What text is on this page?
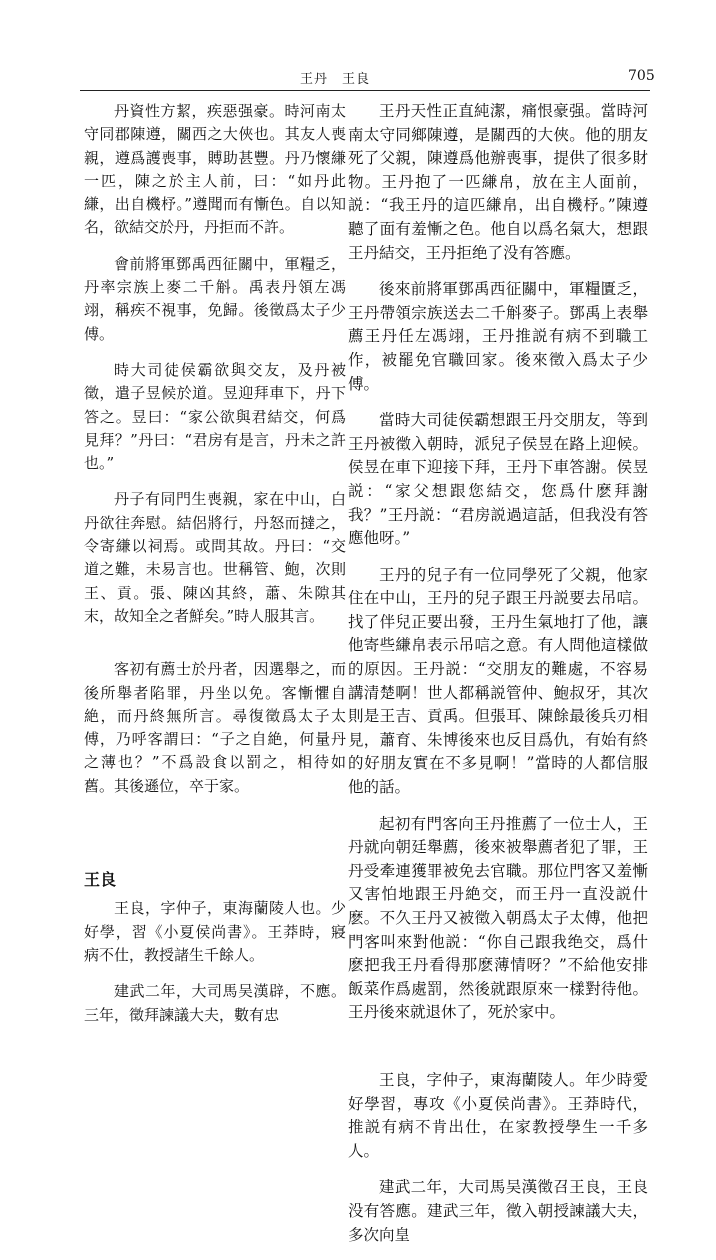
王丹　王良	705

丹資性方絜，疾惡强豪。時河南太守同郡陳遵，關西之大俠也。其友人喪親，遵爲護喪事，賻助甚豐。丹乃懷縑一匹，陳之於主人前，曰：“如丹此縑，出自機杼。”遵聞而有慚色。自以知名，欲結交於丹，丹拒而不許。

會前將軍鄧禹西征關中，軍糧乏，丹率宗族上麥二千斛。禹表丹領左馮翊，稱疾不視事，免歸。後徵爲太子少傅。

時大司徒侯霸欲與交友，及丹被徵，遣子昱候於道。昱迎拜車下，丹下答之。昱曰：“家公欲與君結交，何爲見拜？”丹曰：“君房有是言，丹未之許也。”

丹子有同門生喪親，家在中山，白丹欲往奔慰。結侶將行，丹怒而撻之，令寄縑以祠焉。或問其故。丹曰：“交道之難，未易言也。世稱管、鮑，次則王、貢。張、陳凶其終，蕭、朱隙其末，故知全之者鮮矣。”時人服其言。

客初有薦士於丹者，因選舉之，而後所舉者陷罪，丹坐以免。客慚懼自絶，而丹終無所言。尋復徵爲太子太傅，乃呼客謂曰：“子之自絶，何量丹之薄也？”不爲設食以罰之，相待如舊。其後遜位，卒于家。

王良

王良，字仲子，東海蘭陵人也。少好學，習《小夏侯尚書》。王莽時，寢病不仕，教授諸生千餘人。

建武二年，大司馬吴漢辟，不應。三年，徵拜諫議大夫，數有忠

王丹天性正直純潔，痛恨豪强。當時河南太守同鄉陳遵，是關西的大俠。他的朋友死了父親，陳遵爲他辦喪事，提供了很多財物。王丹抱了一匹縑帛，放在主人面前，説：“我王丹的這匹縑帛，出自機杼。”陳遵聽了面有羞慚之色。他自以爲名氣大，想跟王丹結交，王丹拒绝了没有答應。

後來前將軍鄧禹西征關中，軍糧匱乏，王丹帶領宗族送去二千斛麥子。鄧禹上表舉薦王丹任左馮翊，王丹推説有病不到職工作，被罷免官職回家。後來徵入爲太子少傅。

當時大司徒侯霸想跟王丹交朋友，等到王丹被徵入朝時，派兒子侯昱在路上迎候。侯昱在車下迎接下拜，王丹下車答謝。侯昱説：“家父想跟您結交，您爲什麽拜謝我？”王丹説：“君房説過這話，但我没有答應他呀。”

王丹的兒子有一位同學死了父親，他家住在中山，王丹的兒子跟王丹説要去吊唁。找了伴兒正要出發，王丹生氣地打了他，讓他寄些縑帛表示吊唁之意。有人問他這樣做的原因。王丹説：“交朋友的難處，不容易講清楚啊！世人都稱説管仲、鮑叔牙，其次則是王吉、貢禹。但張耳、陳餘最後兵刃相見，蕭育、朱博後來也反目爲仇，有始有終的好朋友實在不多見啊！”當時的人都信服他的話。

起初有門客向王丹推薦了一位士人，王丹就向朝廷舉薦，後來被舉薦者犯了罪，王丹受牽連獲罪被免去官職。那位門客又羞慚又害怕地跟王丹絶交，而王丹一直没説什麽。不久王丹又被徵入朝爲太子太傅，他把門客叫來對他説：“你自己跟我绝交，爲什麽把我王丹看得那麽薄情呀？”不給他安排飯菜作爲處罰，然後就跟原來一樣對待他。王丹後來就退休了，死於家中。

王良，字仲子，東海蘭陵人。年少時愛好學習，專攻《小夏侯尚書》。王莽時代，推説有病不肯出仕，在家教授學生一千多人。

建武二年，大司馬吴漢徵召王良，王良没有答應。建武三年，徵入朝授諫議大夫，多次向皇
